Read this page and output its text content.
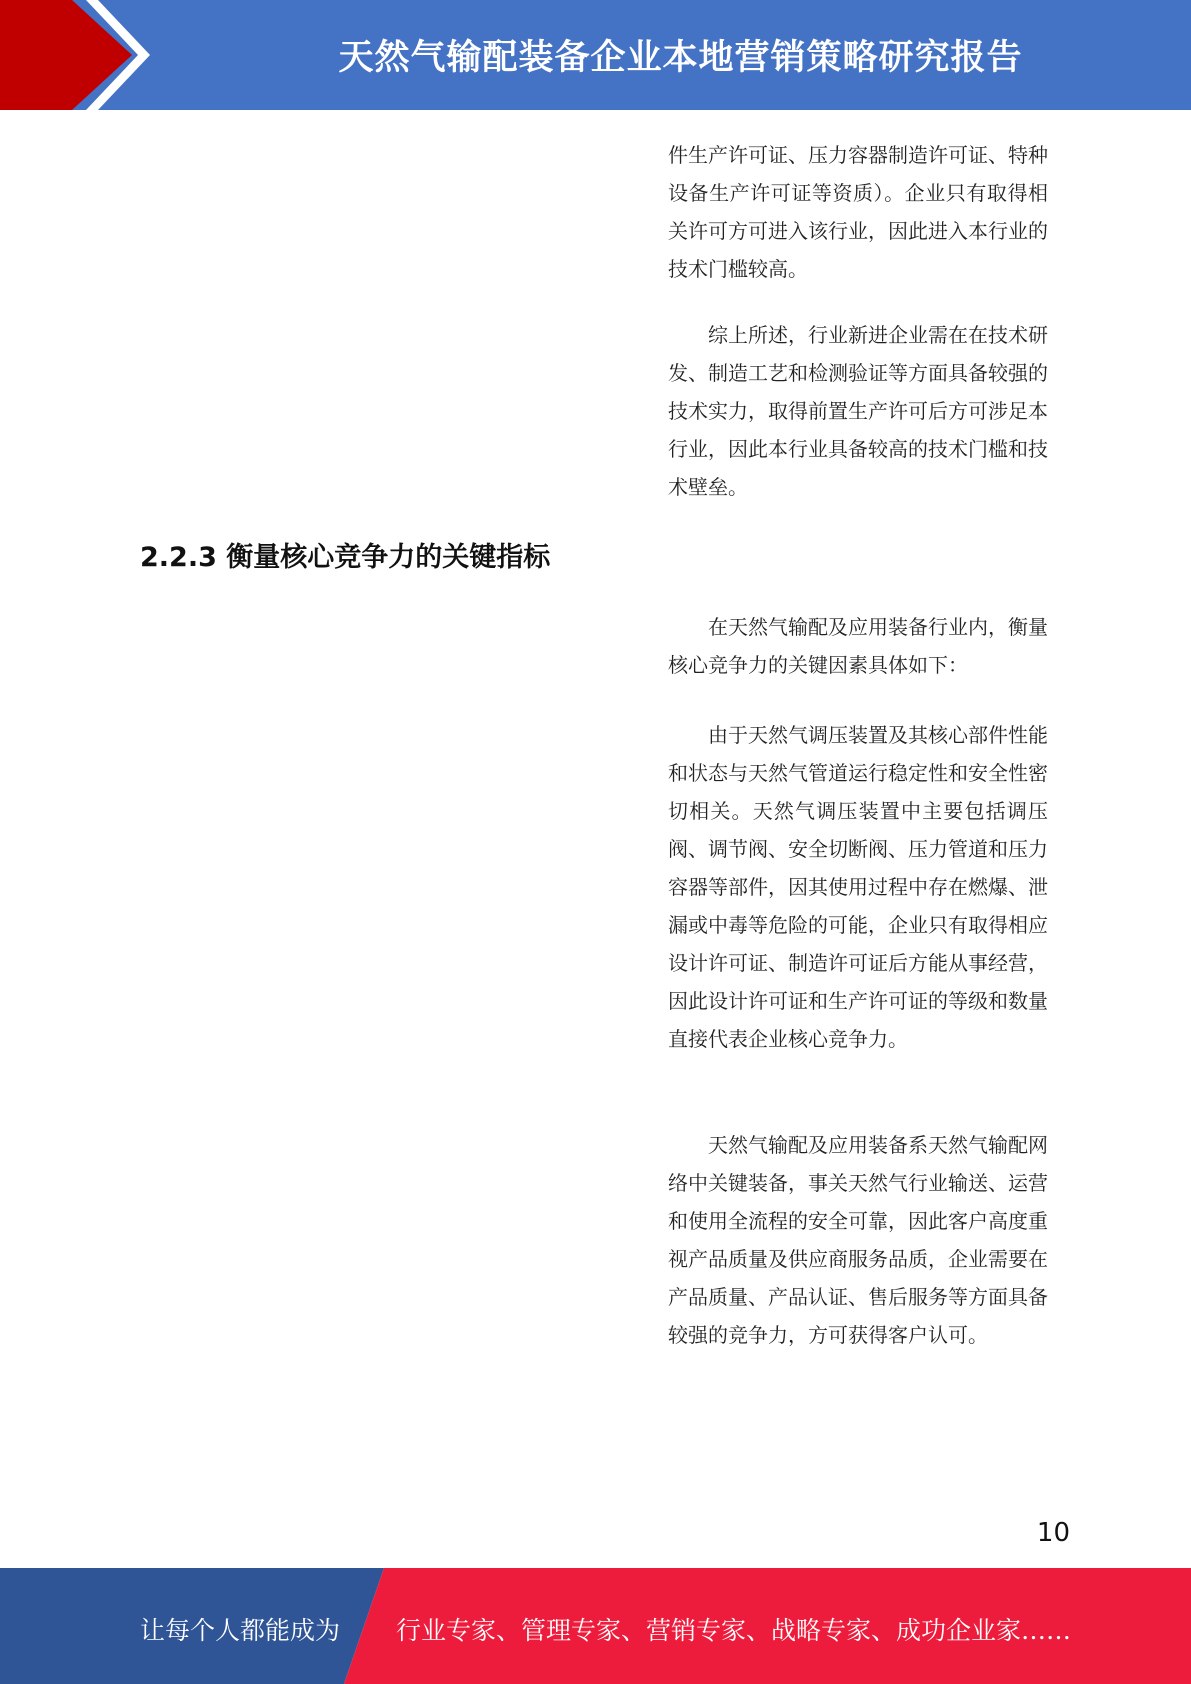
天然气输配装备企业本地营销策略研究报告

件生产许可证、压力容器制造许可证、特种设备生产许可证等资质）。企业只有取得相关许可方可进入该行业，因此进入本行业的技术门槛较高。

综上所述，行业新进企业需在在技术研发、制造工艺和检测验证等方面具备较强的技术实力，取得前置生产许可后方可涉足本行业，因此本行业具备较高的技术门槛和技术壁垒。

2.2.3 衡量核心竞争力的关键指标

在天然气输配及应用装备行业内，衡量核心竞争力的关键因素具体如下：

由于天然气调压装置及其核心部件性能和状态与天然气管道运行稳定性和安全性密切相关。天然气调压装置中主要包括调压阀、调节阀、安全切断阀、压力管道和压力容器等部件，因其使用过程中存在燃爆、泄漏或中毒等危险的可能，企业只有取得相应设计许可证、制造许可证后方能从事经营，因此设计许可证和生产许可证的等级和数量直接代表企业核心竞争力。

天然气输配及应用装备系天然气输配网络中关键装备，事关天然气行业输送、运营和使用全流程的安全可靠，因此客户高度重视产品质量及供应商服务品质，企业需要在产品质量、产品认证、售后服务等方面具备较强的竞争力，方可获得客户认可。

10
让每个人都能成为 行业专家、管理专家、营销专家、战略专家、成功企业家……
